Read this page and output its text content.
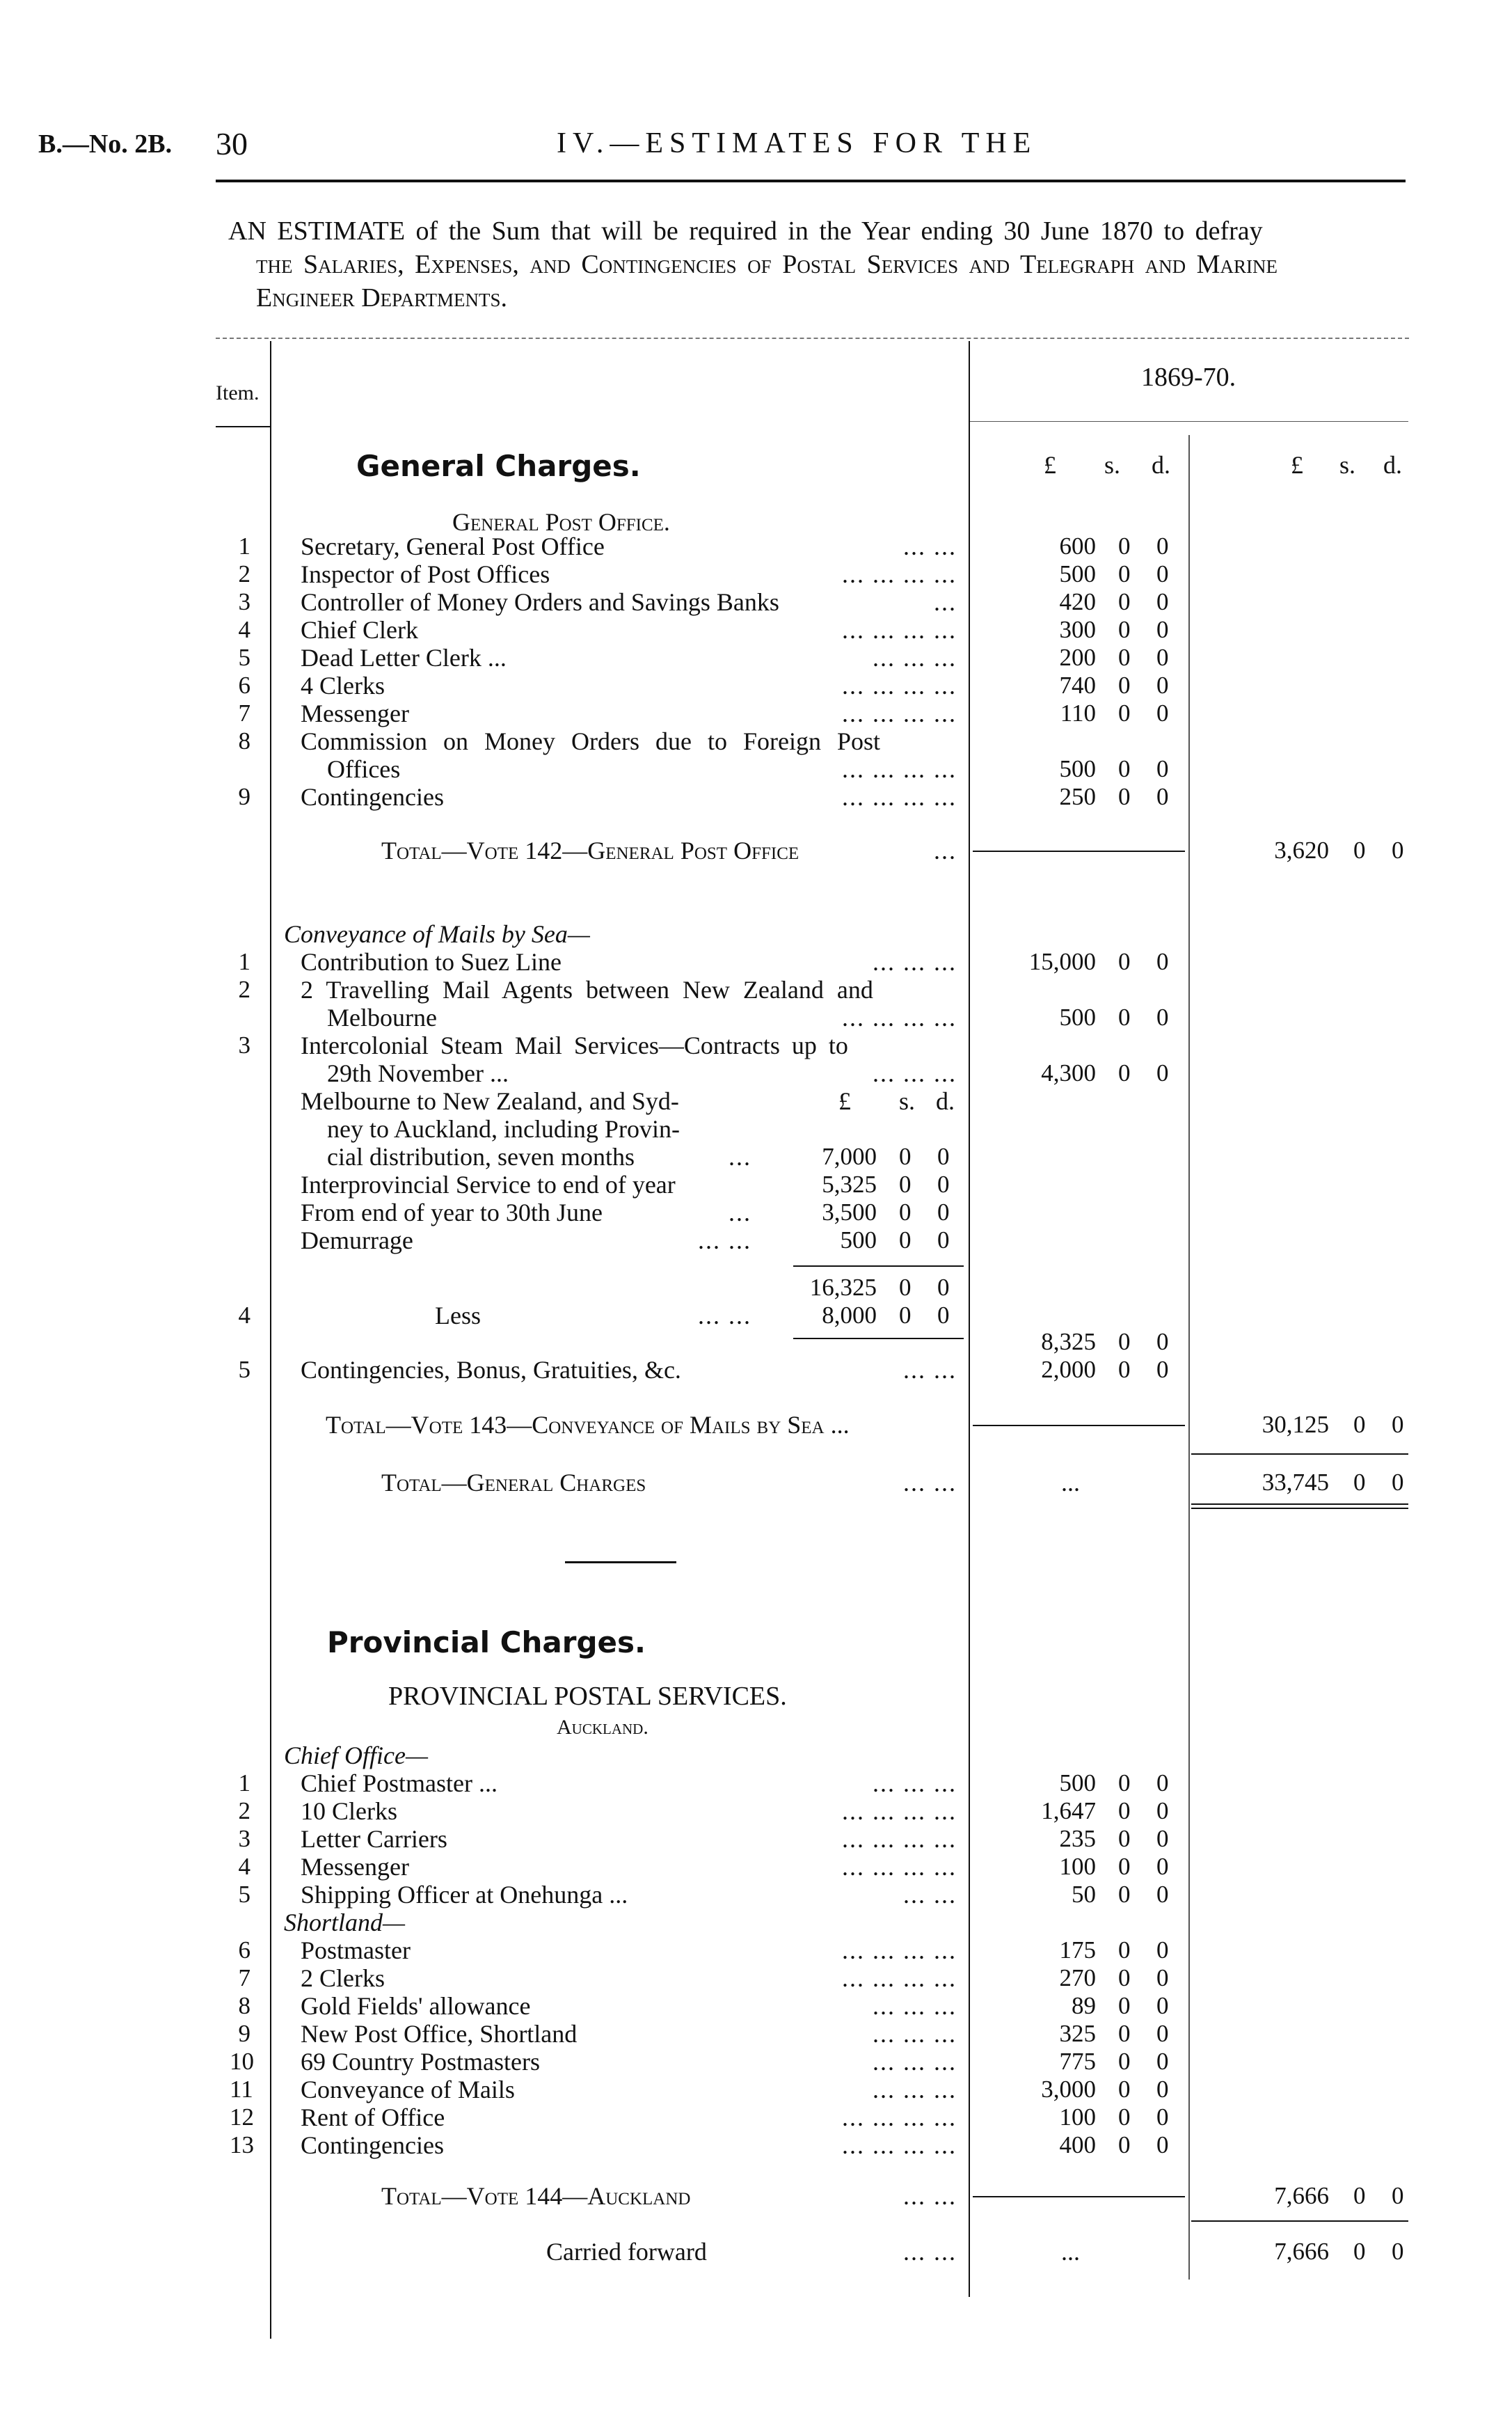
B.—No. 2B. 30	IV.—ESTIMATES FOR THE
AN ESTIMATE of the Sum that will be required in the Year ending 30 June 1870 to defray
the Salaries, Expenses, and Contingencies of Postal Services and Telegraph and Marine
Engineer Departments.
Item.
1869-70.
£ s. d.	£ s. d.
General Charges.
General Post Office.
1 Secretary, General Post Office	... ...	600 0 0
2 Inspector of Post Offices	... ... ... ...	500 0 0
3 Controller of Money Orders and Savings Banks	...	420 0 0
4 Chief Clerk	... ... ... ...	300 0 0
5 Dead Letter Clerk ...	... ... ...	200 0 0
6 4 Clerks	... ... ... ...	740 0 0
7 Messenger	... ... ... ...	110 0 0
8 Commission on Money Orders due to Foreign Post
Offices	... ... ... ...	500 0 0
9 Contingencies	... ... ... ...	250 0 0
Total—Vote 142—General Post Office	...	3,620 0 0
Conveyance of Mails by Sea—
1 Contribution to Suez Line	... ... ...	15,000 0 0
2 2 Travelling Mail Agents between New Zealand and
Melbourne	... ... ... ...	500 0 0
3 Intercolonial Steam Mail Services—Contracts up to
29th November ...	... ... ...	4,300 0 0
£ s. d.
Melbourne to New Zealand, and Syd-
ney to Auckland, including Provin-
cial distribution, seven months	...	7,000 0 0
Interprovincial Service to end of year	5,325 0 0
From end of year to 30th June	...	3,500 0 0
Demurrage	... ...	500 0 0
16,325 0 0
4	Less	... ...	8,000 0 0
8,325 0 0
5 Contingencies, Bonus, Gratuities, &c.	... ...	2,000 0 0
Total—Vote 143—Conveyance of Mails by Sea ...	30,125 0 0
Total—General Charges	... ...	...	33,745 0 0
Provincial Charges.
PROVINCIAL POSTAL SERVICES.
Auckland.
Chief Office—
1 Chief Postmaster ...	... ... ...	500 0 0
2 10 Clerks	... ... ... ...	1,647 0 0
3 Letter Carriers	... ... ... ...	235 0 0
4 Messenger	... ... ... ...	100 0 0
5 Shipping Officer at Onehunga ...	... ...	50 0 0
Shortland—
6 Postmaster	... ... ... ...	175 0 0
7 2 Clerks	... ... ... ...	270 0 0
8 Gold Fields' allowance	... ... ...	89 0 0
9 New Post Office, Shortland	... ... ...	325 0 0
10 69 Country Postmasters	... ... ...	775 0 0
11 Conveyance of Mails	... ... ...	3,000 0 0
12 Rent of Office	... ... ... ...	100 0 0
13 Contingencies	... ... ... ...	400 0 0
Total—Vote 144—Auckland	... ...	7,666 0 0
Carried forward	... ...	...	7,666 0 0
